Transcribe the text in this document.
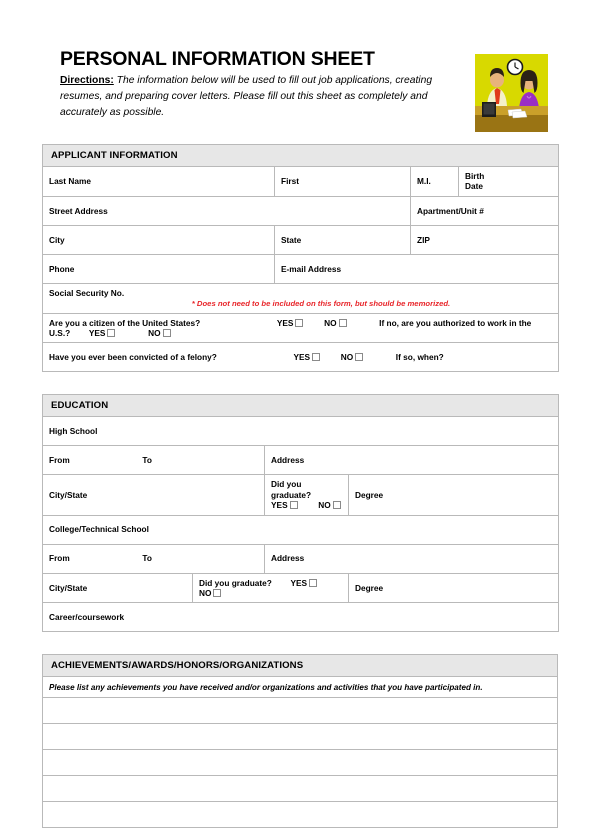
PERSONAL INFORMATION SHEET
Directions: The information below will be used to fill out job applications, creating resumes, and preparing cover letters. Please fill out this sheet as completely and accurately as possible.
APPLICANT INFORMATION			
Last Name	First	M.I.	Birth
Date
Street Address		Apartment/Unit #	
City	State	ZIP	
Phone	E-mail Address		
Social Security No.
* Does not need to be included on this form, but should be memorized.			

Are you a citizen of the United States? YES NO If no, are you authorized to work in the U.S.? YES NO			
Have you ever been convicted of a felony? YES NO If so, when?			
EDUCATION			
High School			
From To		Address	
City/State		Did you graduate?  YES NO	Degree
College/Technical School			
From To		Address	
City/State	Did you graduate? YES  NO		Degree
Career/coursework			
ACHIEVEMENTS/AWARDS/HONORS/ORGANIZATIONS
Please list any achievements you have received and/or organizations and activities that you have participated in.
